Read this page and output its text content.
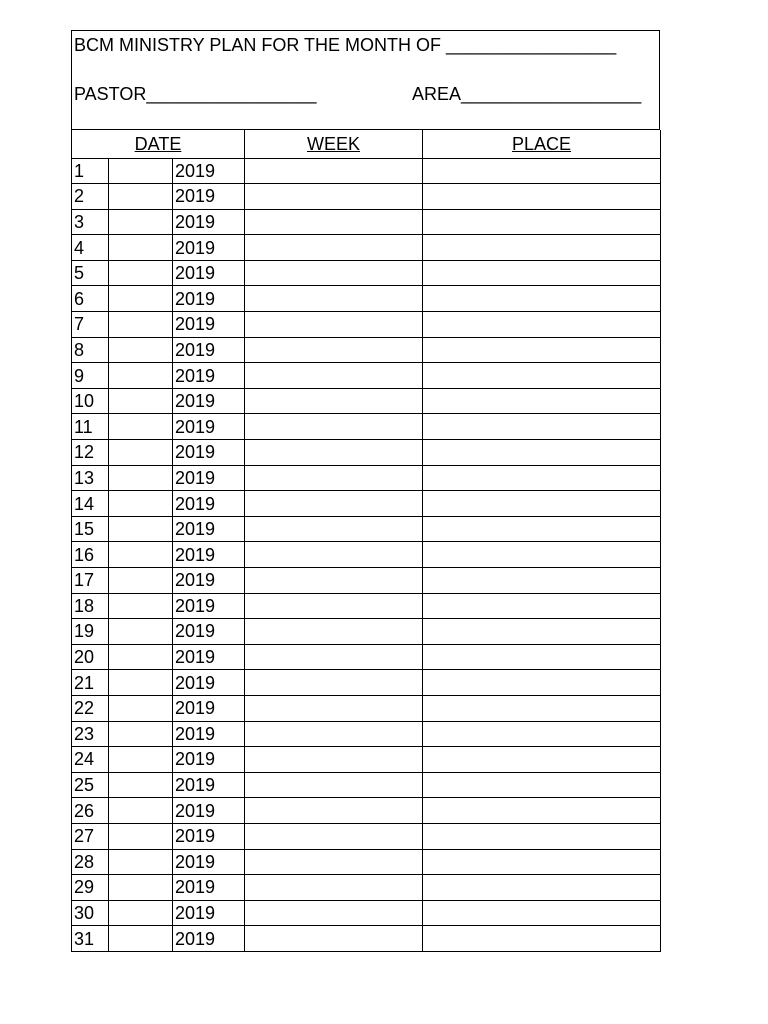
BCM MINISTRY PLAN FOR THE MONTH OF _________________
PASTOR_________________	AREA__________________
DATE			WEEK	PLACE
1		2019		
2		2019		
3		2019		
4		2019		
5		2019		
6		2019		
7		2019		
8		2019		
9		2019		
10		2019		
11		2019		
12		2019		
13		2019		
14		2019		
15		2019		
16		2019		
17		2019		
18		2019		
19		2019		
20		2019		
21		2019		
22		2019		
23		2019		
24		2019		
25		2019		
26		2019		
27		2019		
28		2019		
29		2019		
30		2019		
31		2019		
